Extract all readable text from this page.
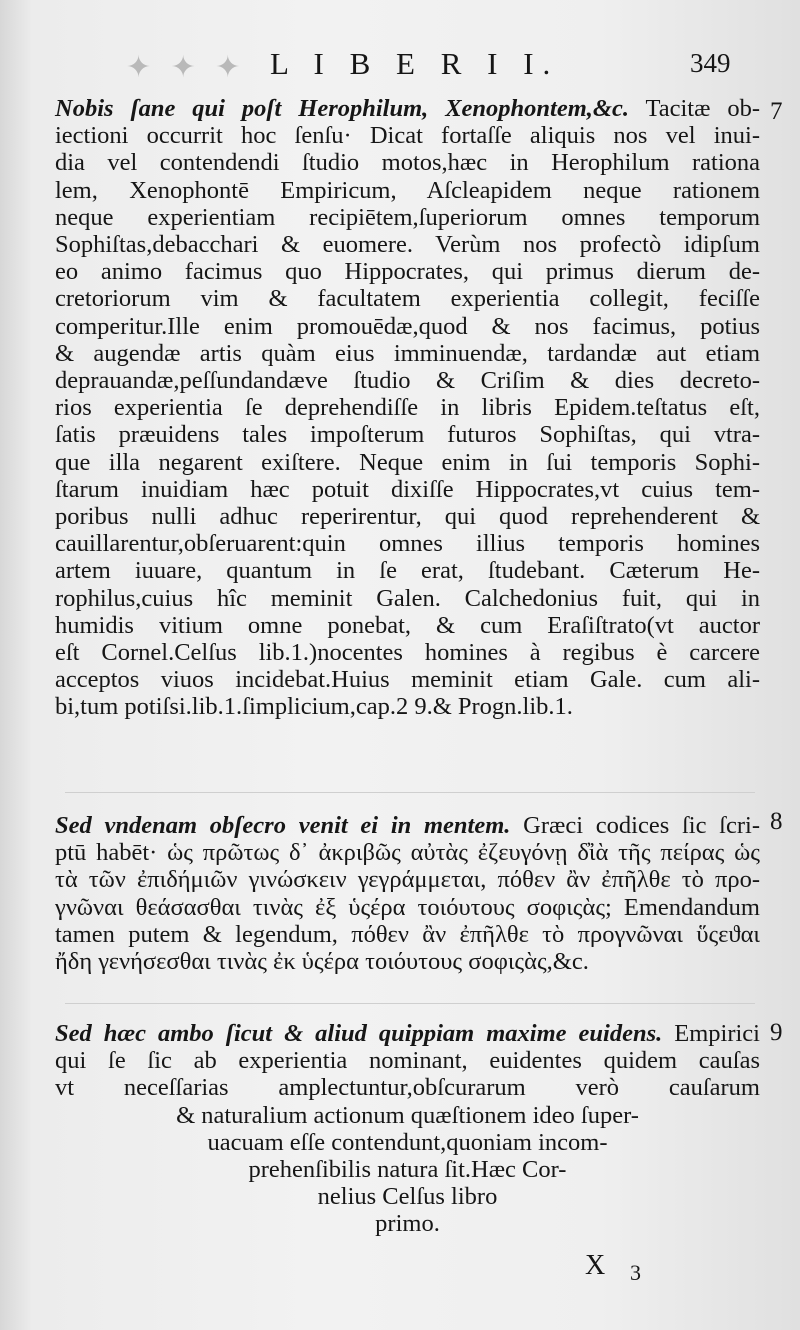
✦ ✦ ✦ L I B E R I I.	349
7
Nobis ſane qui poſt Herophilum, Xenophontem,&c. Tacitæ ob-
iectioni occurrit hoc ſenſu· Dicat fortaſſe aliquis nos vel inui-
dia vel contendendi ſtudio motos,hæc in Herophilum rationa
lem, Xenophontē Empiricum, Aſcleapidem neque rationem
neque experientiam recipiētem,ſuperiorum omnes temporum
Sophiſtas,debacchari & euomere. Verùm nos profectò idipſum
eo animo facimus quo Hippocrates, qui primus dierum de-
cretoriorum vim & facultatem experientia collegit, feciſſe
comperitur.Ille enim promouēdæ,quod & nos facimus, potius
& augendæ artis quàm eius imminuendæ, tardandæ aut etiam
deprauandæ,peſſundandæve ſtudio & Criſim & dies decreto-
rios experientia ſe deprehendiſſe in libris Epidem.teſtatus eſt,
ſatis præuidens tales impoſterum futuros Sophiſtas, qui vtra-
que illa negarent exiſtere. Neque enim in ſui temporis Sophi-
ſtarum inuidiam hæc potuit dixiſſe Hippocrates,vt cuius tem-
poribus nulli adhuc reperirentur, qui quod reprehenderent &
cauillarentur,obſeruarent:quin omnes illius temporis homines
artem iuuare, quantum in ſe erat, ſtudebant. Cæterum He-
rophilus,cuius hîc meminit Galen. Calchedonius fuit, qui in
humidis vitium omne ponebat, & cum Eraſiſtrato(vt auctor
eſt Cornel.Celſus lib.1.)nocentes homines à regibus è carcere
acceptos viuos incidebat.Huius meminit etiam Gale. cum ali-
bi,tum potiſsi.lib.1.ſimplicium,cap.2 9.& Progn.lib.1.
8
Sed vndenam obſecro venit ei in mentem. Græci codices ſic ſcri-
ptū habēt· ὡς πρῶτως δ᾽ ἀκριβῶς αὐτὰς ἐζευγόνῃ δ̓ἰὰ τῆς πείρας ὡς
τὰ τῶν ἐπιδήμιῶν γινώσκειν γεγράμμεται, πόθεν ἂν ἐπῆλθε τὸ προ-
γνῶναι θεάσασθαι τινὰς ἐξ ὑςέρα τοιόυτους σοφιςὰς; Emendandum
tamen putem & legendum, πόθεν ἂν ἐπῆλθε τὸ προγνῶναι ὕςεϑαι
ἤδη γενήσεσθαι τινὰς ἐκ ὑςέρα τοιόυτους σοφιςὰς,&c.
9
Sed hæc ambo ſicut & aliud quippiam maxime euidens. Empirici
qui ſe ſic ab experientia nominant, euidentes quidem cauſas
vt neceſſarias amplectuntur,obſcurarum verò cauſarum
& naturalium actionum quæſtionem ideo ſuper-
uacuam eſſe contendunt,quoniam incom-
prehenſibilis natura ſit.Hæc Cor-
nelius Celſus libro
primo.
X 3
